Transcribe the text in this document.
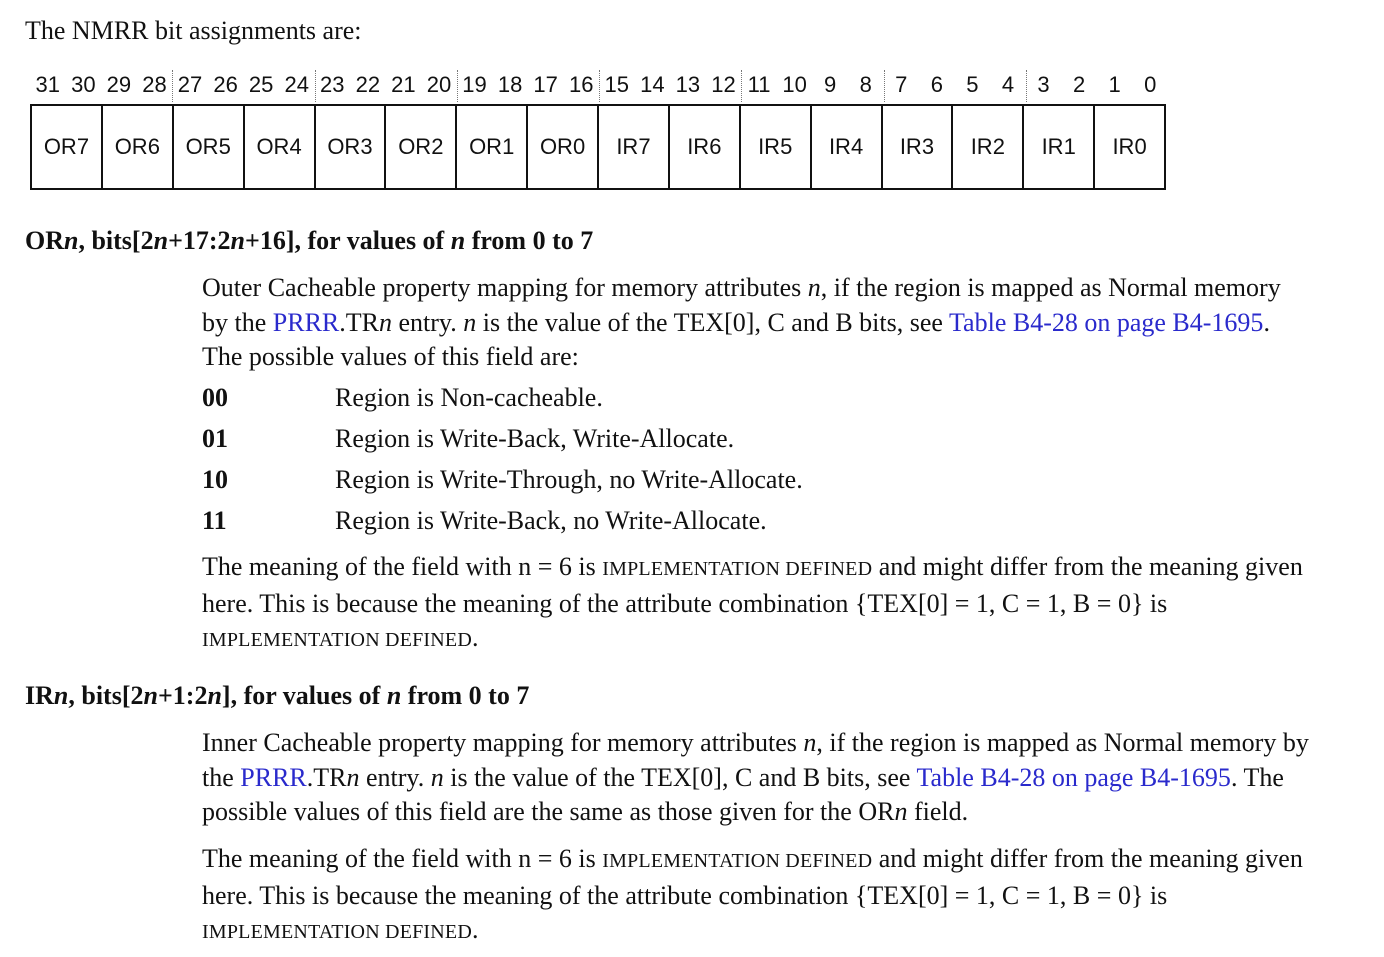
The NMRR bit assignments are:

31 30 29 28 27 26 25 24 23 22 21 20 19 18 17 16 15 14 13 12 11 10 9	8	7	6	5	4	3	2	1	0
OR7	OR6	OR5	OR4	OR3	OR2	OR1	OR0	IR7	IR6	IR5	IR4	IR3	IR2	IR1	IR0
ORn, bits[2n+17:2n+16], for values of n from 0 to 7

Outer Cacheable property mapping for memory attributes n, if the region is mapped as Normal memory by the PRRR.TRn entry. n is the value of the TEX[0], C and B bits, see Table B4-28 on page B4-1695. The possible values of this field are:

00	Region is Non-cacheable.
01	Region is Write-Back, Write-Allocate.
10	Region is Write-Through, no Write-Allocate.
11	Region is Write-Back, no Write-Allocate.

The meaning of the field with n = 6 is IMPLEMENTATION DEFINED and might differ from the meaning given here. This is because the meaning of the attribute combination {TEX[0] = 1, C = 1, B = 0} is IMPLEMENTATION DEFINED.

IRn, bits[2n+1:2n], for values of n from 0 to 7

Inner Cacheable property mapping for memory attributes n, if the region is mapped as Normal memory by the PRRR.TRn entry. n is the value of the TEX[0], C and B bits, see Table B4-28 on page B4-1695. The possible values of this field are the same as those given for the ORn field.

The meaning of the field with n = 6 is IMPLEMENTATION DEFINED and might differ from the meaning given here. This is because the meaning of the attribute combination {TEX[0] = 1, C = 1, B = 0} is IMPLEMENTATION DEFINED.
